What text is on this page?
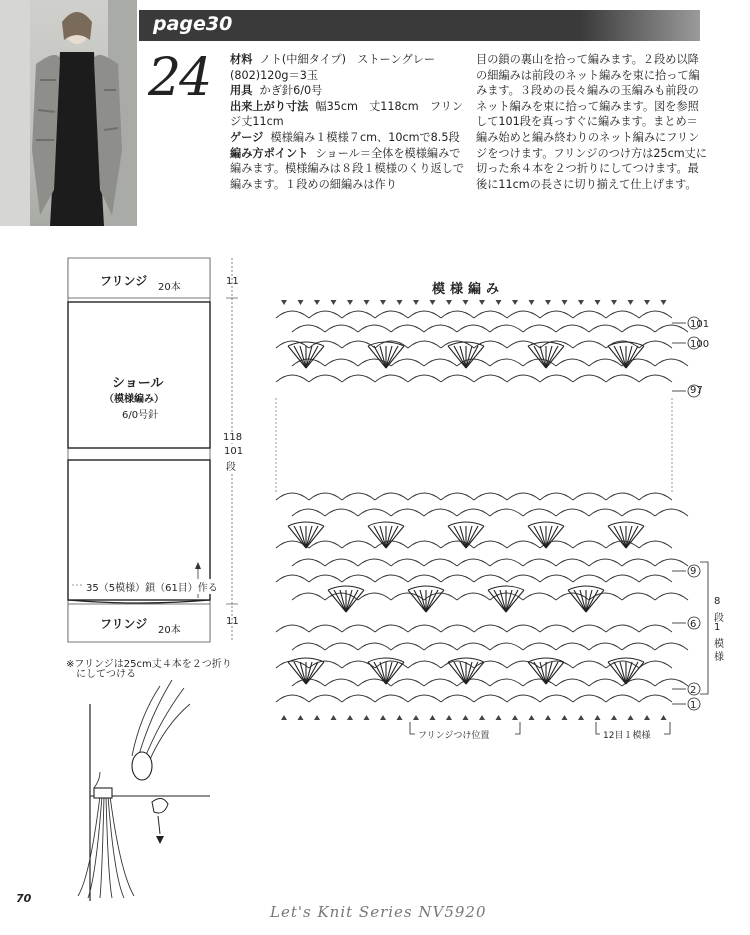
page30
24 材料 ノト(中細タイプ)　ストーングレー(802)120g＝3玉
用具 かぎ針6/0号
出来上がり寸法 幅35cm　丈118cm　フリンジ丈11cm
ゲージ 模様編み１模様７cm、10cmで8.5段
編み方ポイント ショール＝全体を模様編みで編みます。模様編みは８段１模様のくり返しで編みます。１段めの細編みは作り
目の鎖の裏山を拾って編みます。２段め以降の細編みは前段のネット編みを束に拾って編みます。３段めの長々編みの玉編みも前段のネット編みを束に拾って編みます。図を参照して101段を真っすぐに編みます。まとめ＝編み始めと編み終わりのネット編みにフリンジをつけます。フリンジのつけ方は25cm丈に切った糸４本を２つ折りにしてつけます。最後に11cmの長さに切り揃えて仕上げます。
フリンジ 20本
ショール
（模様編み）
6/0号針
11
118
101
段
35（5模様）鎖（61目）作る
フリンジ 20本
11
※フリンジは25cm丈４本を２つ折り
にしてつける
模様編み
101
100
97
9
6
2
1
8
段
1
模
様
フリンジつけ位置	12目１模様
70
Let's Knit Series NV5920
